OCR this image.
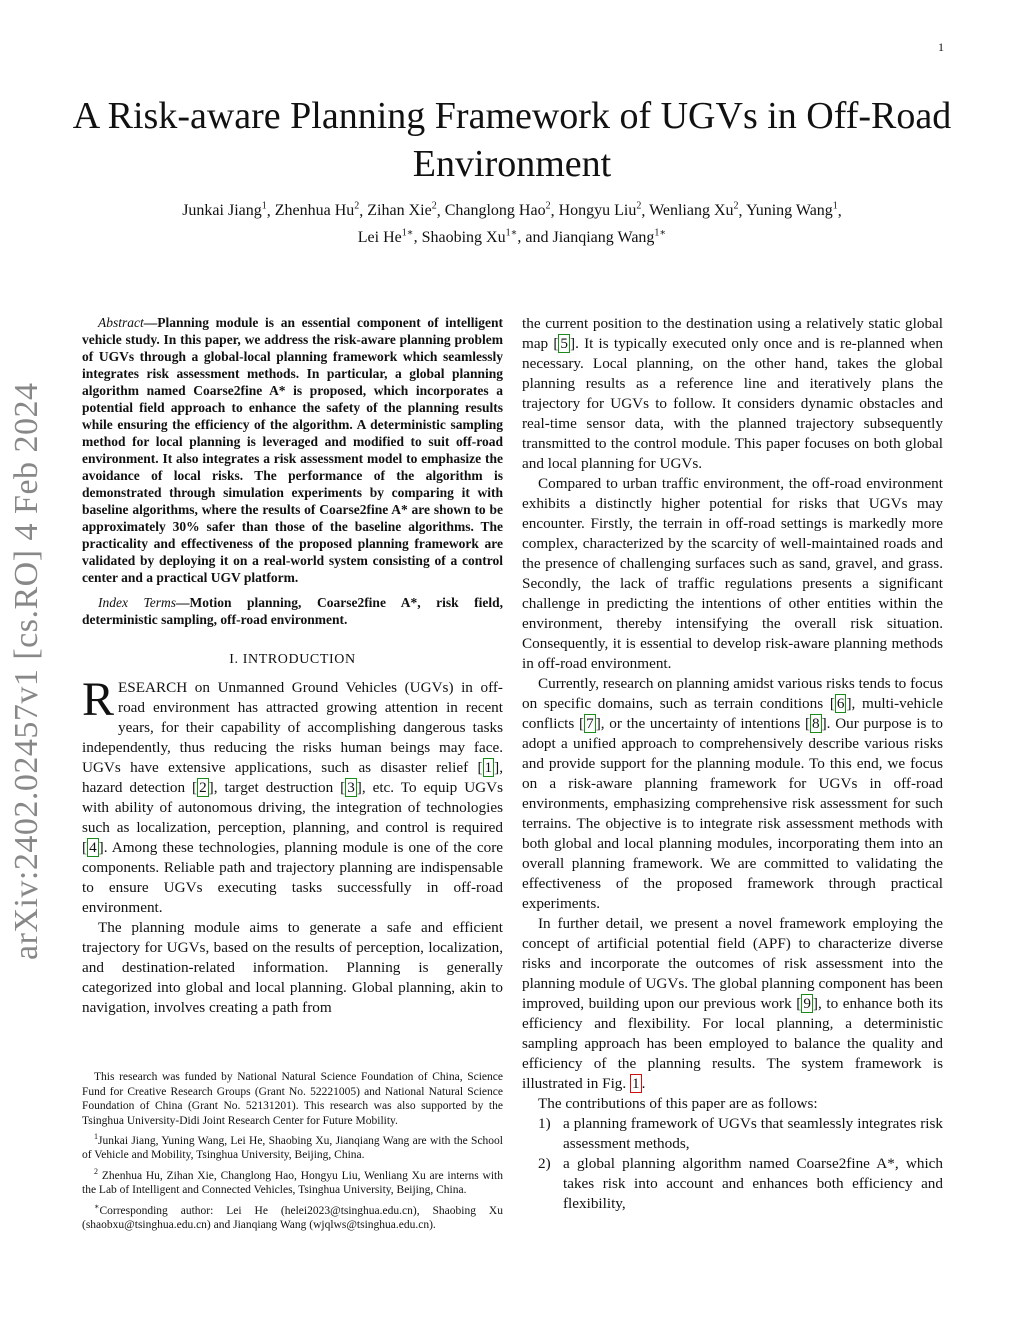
1
arXiv:2402.02457v1 [cs.RO] 4 Feb 2024
A Risk-aware Planning Framework of UGVs in Off-Road Environment
Junkai Jiang$^1$, Zhenhua Hu$^2$, Zihan Xie$^2$, Changlong Hao$^2$, Hongyu Liu$^2$, Wenliang Xu$^2$, Yuning Wang$^1$,
Lei $He^{1∗}$, Shaobing $Xu^{1∗}$, and Jianqiang Wang$^{1∗}$

Abstract—Planning module is an essential component of intelligent vehicle study. In this paper, we address the risk-aware planning problem of UGVs through a global-local planning framework which seamlessly integrates risk assessment methods. In particular, a global planning algorithm named Coarse2fine A* is proposed, which incorporates a potential field approach to enhance the safety of the planning results while ensuring the efficiency of the algorithm. A deterministic sampling method for local planning is leveraged and modified to suit off-road environment. It also integrates a risk assessment model to emphasize the avoidance of local risks. The performance of the algorithm is demonstrated through simulation experiments by comparing it with baseline algorithms, where the results of Coarse2fine A* are shown to be approximately 30% safer than those of the baseline algorithms. The practicality and effectiveness of the proposed planning framework are validated by deploying it on a real-world system consisting of a control center and a practical UGV platform.

Index Terms—Motion planning, Coarse2fine A*, risk field, deterministic sampling, off-road environment.

I. INTRODUCTION

RESEARCH on Unmanned Ground Vehicles (UGVs) in off-road environment has attracted growing attention in recent years, for their capability of accomplishing dangerous tasks independently, thus reducing the risks human beings may face. UGVs have extensive applications, such as disaster relief [ 1 ], hazard detection [ 2 ], target destruction [ 3 ], etc. To equip UGVs with ability of autonomous driving, the integration of technologies such as localization, perception, planning, and control is required [ 4 ]. Among these technologies, planning module is one of the core components. Reliable path and trajectory planning are indispensable to ensure UGVs executing tasks successfully in off-road environment.

The planning module aims to generate a safe and efficient trajectory for UGVs, based on the results of perception, localization, and destination-related information. Planning is generally categorized into global and local planning. Global planning, akin to navigation, involves creating a path from

This research was funded by National Natural Science Foundation of China, Science Fund for Creative Research Groups (Grant No. 52221005) and National Natural Science Foundation of China (Grant No. 52131201). This research was also supported by the Tsinghua University-Didi Joint Research Center for Future Mobility.

$^1$Junkai Jiang, Yuning Wang, Lei He, Shaobing Xu, Jianqiang Wang are with the School of Vehicle and Mobility, Tsinghua University, Beijing, China.

$^2$ Zhenhua Hu, Zihan Xie, Changlong Hao, Hongyu Liu, Wenliang Xu are interns with the Lab of Intelligent and Connected Vehicles, Tsinghua University, Beijing, China.

∗Corresponding author: Lei He (helei2023@tsinghua.edu.cn), Shaobing Xu (shaobxu@tsinghua.edu.cn) and Jianqiang Wang (wjqlws@tsinghua.edu.cn).

the current position to the destination using a relatively static global map [ 5 ]. It is typically executed only once and is re-planned when necessary. Local planning, on the other hand, takes the global planning results as a reference line and iteratively plans the trajectory for UGVs to follow. It considers dynamic obstacles and real-time sensor data, with the planned trajectory subsequently transmitted to the control module. This paper focuses on both global and local planning for UGVs.

Compared to urban traffic environment, the off-road environment exhibits a distinctly higher potential for risks that UGVs may encounter. Firstly, the terrain in off-road settings is markedly more complex, characterized by the scarcity of well-maintained roads and the presence of challenging surfaces such as sand, gravel, and grass. Secondly, the lack of traffic regulations presents a significant challenge in predicting the intentions of other entities within the environment, thereby intensifying the overall risk situation. Consequently, it is essential to develop risk-aware planning methods in off-road environment.

Currently, research on planning amidst various risks tends to focus on specific domains, such as terrain conditions [ 6 ], multi-vehicle conflicts [ 7 ], or the uncertainty of intentions [ 8 ]. Our purpose is to adopt a unified approach to comprehensively describe various risks and provide support for the planning module. To this end, we focus on a risk-aware planning framework for UGVs in off-road environments, emphasizing comprehensive risk assessment for such terrains. The objective is to integrate risk assessment methods with both global and local planning modules, incorporating them into an overall planning framework. We are committed to validating the effectiveness of the proposed framework through practical experiments.

In further detail, we present a novel framework employing the concept of artificial potential field (APF) to characterize diverse risks and incorporate the outcomes of risk assessment into the planning module of UGVs. The global planning component has been improved, building upon our previous work [ 9 ], to enhance both its efficiency and flexibility. For local planning, a deterministic sampling approach has been employed to balance the quality and efficiency of the planning results. The system framework is illustrated in Fig. 1 .

The contributions of this paper are as follows:

1) a planning framework of UGVs that seamlessly integrates risk assessment methods,
2) a global planning algorithm named Coarse2fine A*, which takes risk into account and enhances both efficiency and flexibility,
